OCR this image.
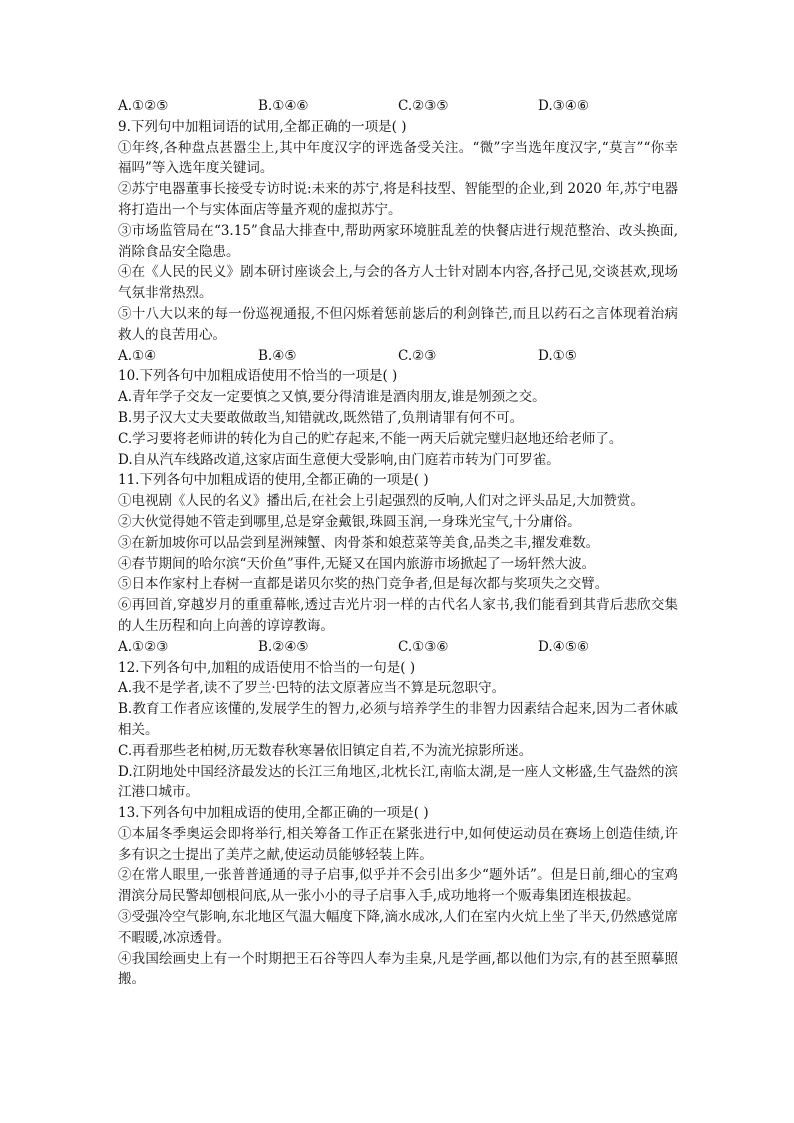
A.①②⑤	B.①④⑥	C.②③⑤	D.③④⑥
9.下列句中加粗词语的试用,全都正确的一项是( )
①年终,各种盘点甚嚣尘上,其中年度汉字的评选备受关注。“微”字当选年度汉字,“莫言”“你幸福吗”等入选年度关键词。
②苏宁电器董事长接受专访时说:未来的苏宁,将是科技型、智能型的企业,到 2020 年,苏宁电器将打造出一个与实体面店等量齐观的虚拟苏宁。
③市场监管局在“3.15”食品大排查中,帮助两家环境脏乱差的快餐店进行规范整治、改头换面,消除食品安全隐患。
④在《人民的民义》剧本研讨座谈会上,与会的各方人士针对剧本内容,各抒己见,交谈甚欢,现场气氛非常热烈。
⑤十八大以来的每一份巡视通报,不但闪烁着惩前毖后的利剑锋芒,而且以药石之言体现着治病救人的良苦用心。
A.①④	B.④⑤	C.②③	D.①⑤
10.下列各句中加粗成语使用不恰当的一项是( )
A.青年学子交友一定要慎之又慎,要分得清谁是酒肉朋友,谁是刎颈之交。
B.男子汉大丈夫要敢做敢当,知错就改,既然错了,负荆请罪有何不可。
C.学习要将老师讲的转化为自己的贮存起来,不能一两天后就完璧归赵地还给老师了。
D.自从汽车线路改道,这家店面生意便大受影响,由门庭若市转为门可罗雀。
11.下列各句中加粗成语的使用,全都正确的一项是( )
①电视剧《人民的名义》播出后,在社会上引起强烈的反响,人们对之评头品足,大加赞赏。
②大伙觉得她不管走到哪里,总是穿金戴银,珠圆玉润,一身珠光宝气,十分庸俗。
③在新加坡你可以品尝到星洲辣蟹、肉骨茶和娘惹菜等美食,品类之丰,擢发难数。
④春节期间的哈尔滨“天价鱼”事件,无疑又在国内旅游市场掀起了一场轩然大波。
⑤日本作家村上春树一直都是诺贝尔奖的热门竞争者,但是每次都与奖项失之交臂。
⑥再回首,穿越岁月的重重幕帐,透过吉光片羽一样的古代名人家书,我们能看到其背后悲欣交集的人生历程和向上向善的谆谆教诲。
A.①②③	B.②④⑤	C.①③⑥	D.④⑤⑥
12.下列各句中,加粗的成语使用不恰当的一句是( )
A.我不是学者,读不了罗兰·巴特的法文原著应当不算是玩忽职守。
B.教育工作者应该懂的,发展学生的智力,必须与培养学生的非智力因素结合起来,因为二者休戚相关。
C.再看那些老柏树,历无数春秋寒暑依旧镇定自若,不为流光掠影所迷。
D.江阴地处中国经济最发达的长江三角地区,北枕长江,南临太湖,是一座人文彬盛,生气盎然的滨江港口城市。
13.下列各句中加粗成语的使用,全都正确的一项是( )
①本届冬季奥运会即将举行,相关筹备工作正在紧张进行中,如何使运动员在赛场上创造佳绩,许多有识之士提出了美芹之献,使运动员能够轻装上阵。
②在常人眼里,一张普普通通的寻子启事,似乎并不会引出多少“题外话”。但是日前,细心的宝鸡渭滨分局民警却刨根问底,从一张小小的寻子启事入手,成功地将一个贩毒集团连根拔起。
③受强冷空气影响,东北地区气温大幅度下降,滴水成冰,人们在室内火炕上坐了半天,仍然感觉席不暇暖,冰凉透骨。
④我国绘画史上有一个时期把王石谷等四人奉为圭臬,凡是学画,都以他们为宗,有的甚至照摹照搬。
